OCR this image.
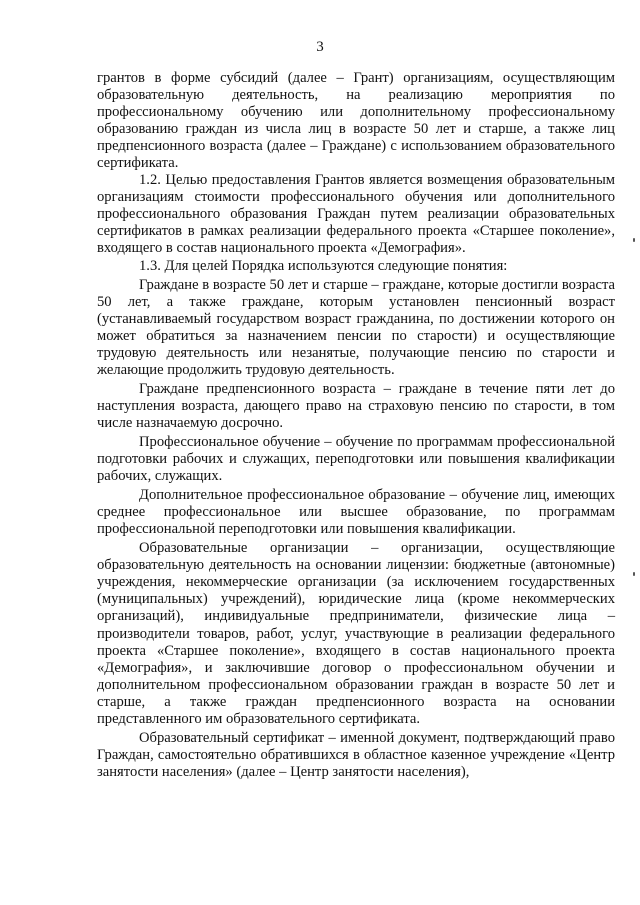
3

грантов в форме субсидий (далее – Грант) организациям, осуществляющим образовательную деятельность, на реализацию мероприятия по профессиональному обучению или дополнительному профессиональному образованию граждан из числа лиц в возрасте 50 лет и старше, а также лиц предпенсионного возраста (далее – Граждане) с использованием образовательного сертификата.

1.2. Целью предоставления Грантов является возмещения образовательным организациям стоимости профессионального обучения или дополнительного профессионального образования Граждан путем реализации образовательных сертификатов в рамках реализации федерального проекта «Старшее поколение», входящего в состав национального проекта «Демография».

1.3. Для целей Порядка используются следующие понятия:

Граждане в возрасте 50 лет и старше – граждане, которые достигли возраста 50 лет, а также граждане, которым установлен пенсионный возраст (устанавливаемый государством возраст гражданина, по достижении которого он может обратиться за назначением пенсии по старости) и осуществляющие трудовую деятельность или незанятые, получающие пенсию по старости и желающие продолжить трудовую деятельность.

Граждане предпенсионного возраста – граждане в течение пяти лет до наступления возраста, дающего право на страховую пенсию по старости, в том числе назначаемую досрочно.

Профессиональное обучение – обучение по программам профессиональной подготовки рабочих и служащих, переподготовки или повышения квалификации рабочих, служащих.

Дополнительное профессиональное образование – обучение лиц, имеющих среднее профессиональное или высшее образование, по программам профессиональной переподготовки или повышения квалификации.

Образовательные организации – организации, осуществляющие образовательную деятельность на основании лицензии: бюджетные (автономные) учреждения, некоммерческие организации (за исключением государственных (муниципальных) учреждений), юридические лица (кроме некоммерческих организаций), индивидуальные предприниматели, физические лица – производители товаров, работ, услуг, участвующие в реализации федерального проекта «Старшее поколение», входящего в состав национального проекта «Демография», и заключившие договор о профессиональном обучении и дополнительном профессиональном образовании граждан в возрасте 50 лет и старше, а также граждан предпенсионного возраста на основании представленного им образовательного сертификата.

Образовательный сертификат – именной документ, подтверждающий право Граждан, самостоятельно обратившихся в областное казенное учреждение «Центр занятости населения» (далее – Центр занятости населения),
